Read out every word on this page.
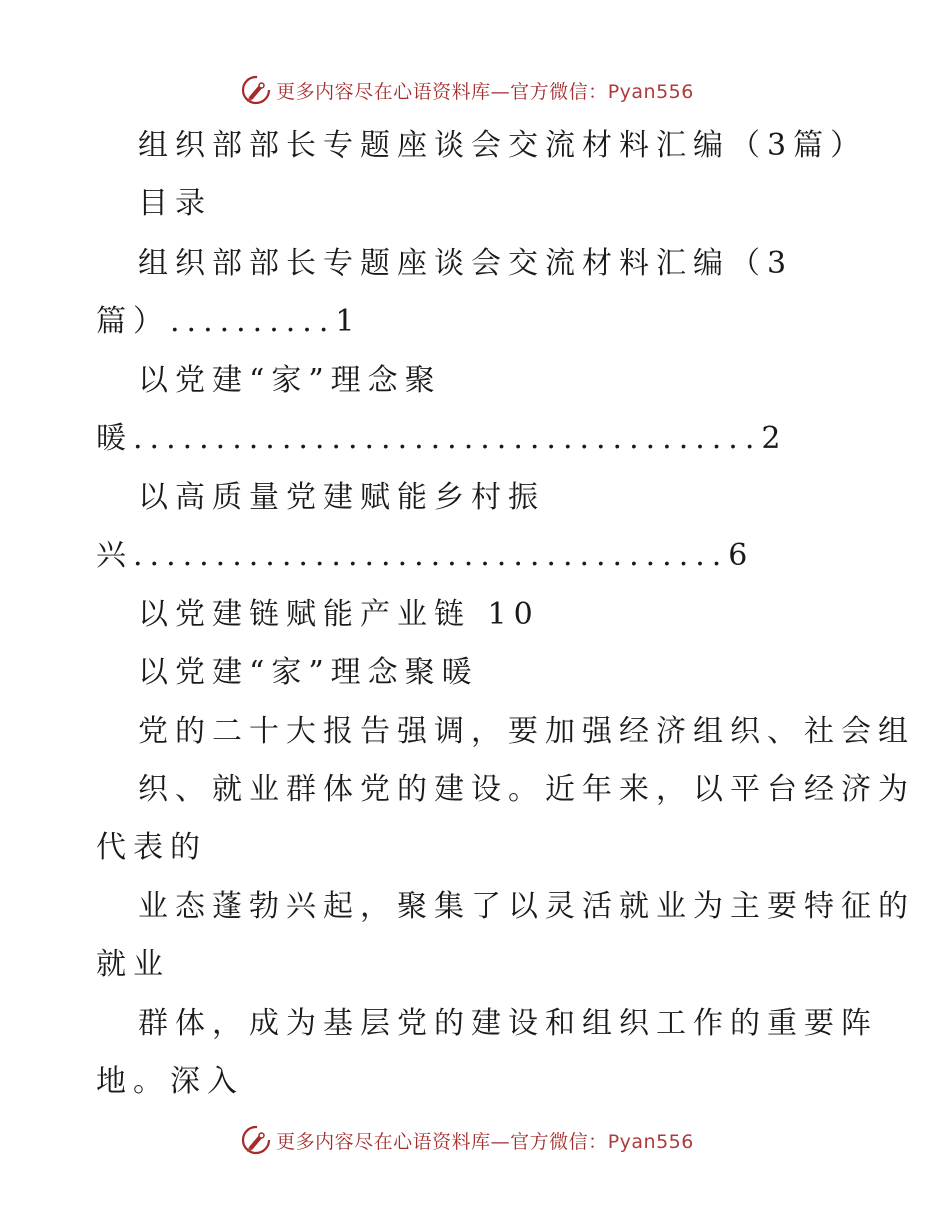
更多内容尽在心语资料库—官方微信：Pyan556
组织部部长专题座谈会交流材料汇编（3篇）
目录
组织部部长专题座谈会交流材料汇编（3
篇）..........1
以党建“家”理念聚
暖......................................2
以高质量党建赋能乡村振
兴....................................6
以党建链赋能产业链 10
以党建“家”理念聚暖
党的二十大报告强调，要加强经济组织、社会组
织、就业群体党的建设。近年来，以平台经济为
代表的
业态蓬勃兴起，聚集了以灵活就业为主要特征的
就业
群体，成为基层党的建设和组织工作的重要阵
地。深入
更多内容尽在心语资料库—官方微信：Pyan556
